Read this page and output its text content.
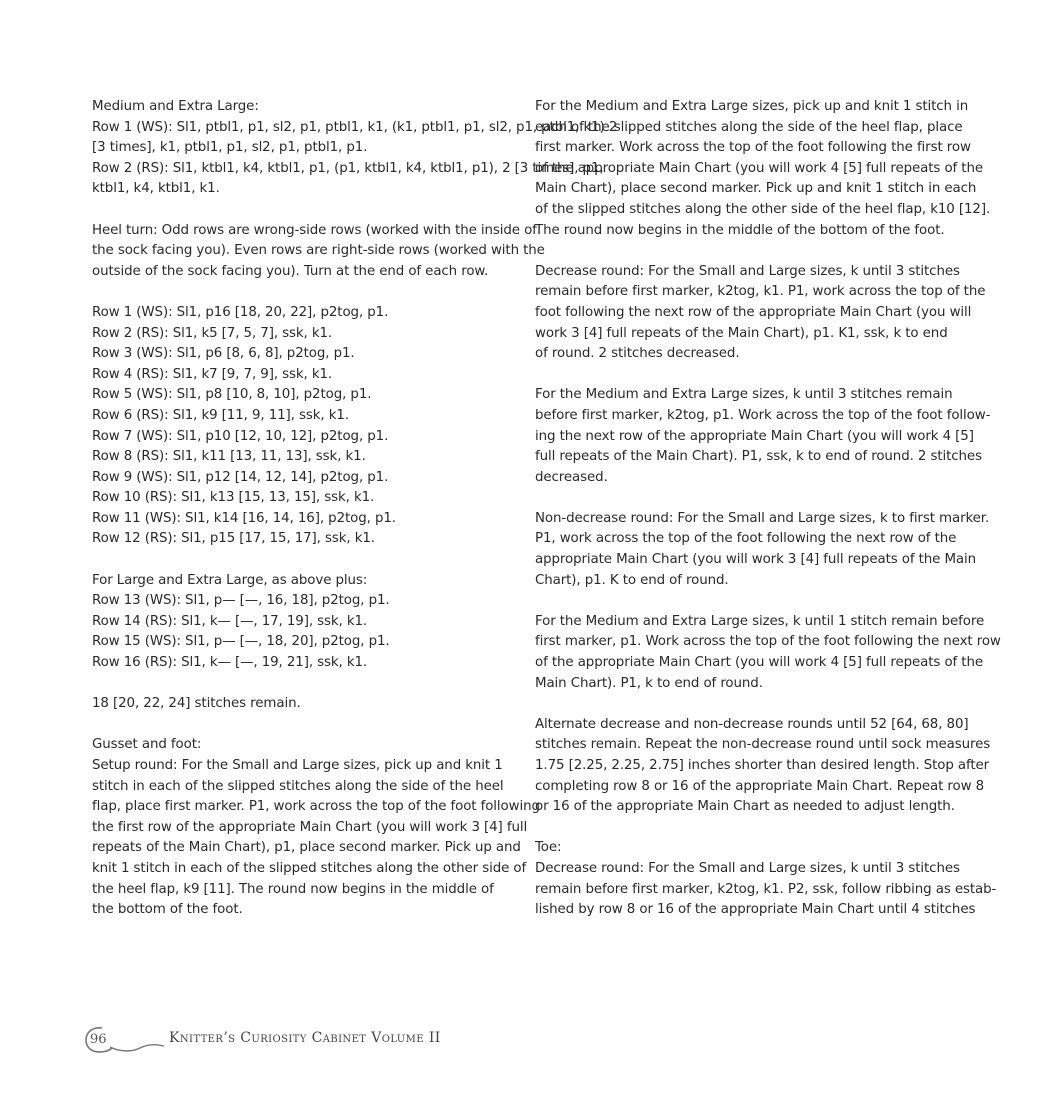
Medium and Extra Large:
Row 1 (WS): Sl1, ptbl1, p1, sl2, p1, ptbl1, k1, (k1, ptbl1, p1, sl2, p1, ptbl1, k1) 2
[3 times], k1, ptbl1, p1, sl2, p1, ptbl1, p1.
Row 2 (RS): Sl1, ktbl1, k4, ktbl1, p1, (p1, ktbl1, k4, ktbl1, p1), 2 [3 times], p1,
ktbl1, k4, ktbl1, k1.
Heel turn: Odd rows are wrong-side rows (worked with the inside of
the sock facing you). Even rows are right-side rows (worked with the
outside of the sock facing you). Turn at the end of each row.
Row 1 (WS): Sl1, p16 [18, 20, 22], p2tog, p1.
Row 2 (RS): Sl1, k5 [7, 5, 7], ssk, k1.
Row 3 (WS): Sl1, p6 [8, 6, 8], p2tog, p1.
Row 4 (RS): Sl1, k7 [9, 7, 9], ssk, k1.
Row 5 (WS): Sl1, p8 [10, 8, 10], p2tog, p1.
Row 6 (RS): Sl1, k9 [11, 9, 11], ssk, k1.
Row 7 (WS): Sl1, p10 [12, 10, 12], p2tog, p1.
Row 8 (RS): Sl1, k11 [13, 11, 13], ssk, k1.
Row 9 (WS): Sl1, p12 [14, 12, 14], p2tog, p1.
Row 10 (RS): Sl1, k13 [15, 13, 15], ssk, k1.
Row 11 (WS): Sl1, k14 [16, 14, 16], p2tog, p1.
Row 12 (RS): Sl1, p15 [17, 15, 17], ssk, k1.
For Large and Extra Large, as above plus:
Row 13 (WS): Sl1, p— [—, 16, 18], p2tog, p1.
Row 14 (RS): Sl1, k— [—, 17, 19], ssk, k1.
Row 15 (WS): Sl1, p— [—, 18, 20], p2tog, p1.
Row 16 (RS): Sl1, k— [—, 19, 21], ssk, k1.
18 [20, 22, 24] stitches remain.
Gusset and foot:
Setup round: For the Small and Large sizes, pick up and knit 1
stitch in each of the slipped stitches along the side of the heel
flap, place first marker. P1, work across the top of the foot following
the first row of the appropriate Main Chart (you will work 3 [4] full
repeats of the Main Chart), p1, place second marker. Pick up and
knit 1 stitch in each of the slipped stitches along the other side of
the heel flap, k9 [11]. The round now begins in the middle of
the bottom of the foot.
For the Medium and Extra Large sizes, pick up and knit 1 stitch in
each of the slipped stitches along the side of the heel flap, place
first marker. Work across the top of the foot following the first row
of the appropriate Main Chart (you will work 4 [5] full repeats of the
Main Chart), place second marker. Pick up and knit 1 stitch in each
of the slipped stitches along the other side of the heel flap, k10 [12].
The round now begins in the middle of the bottom of the foot.
Decrease round: For the Small and Large sizes, k until 3 stitches
remain before first marker, k2tog, k1. P1, work across the top of the
foot following the next row of the appropriate Main Chart (you will
work 3 [4] full repeats of the Main Chart), p1. K1, ssk, k to end
of round. 2 stitches decreased.
For the Medium and Extra Large sizes, k until 3 stitches remain
before first marker, k2tog, p1. Work across the top of the foot follow-
ing the next row of the appropriate Main Chart (you will work 4 [5]
full repeats of the Main Chart). P1, ssk, k to end of round. 2 stitches
decreased.
Non-decrease round: For the Small and Large sizes, k to first marker.
P1, work across the top of the foot following the next row of the
appropriate Main Chart (you will work 3 [4] full repeats of the Main
Chart), p1. K to end of round.
For the Medium and Extra Large sizes, k until 1 stitch remain before
first marker, p1. Work across the top of the foot following the next row
of the appropriate Main Chart (you will work 4 [5] full repeats of the
Main Chart). P1, k to end of round.
Alternate decrease and non-decrease rounds until 52 [64, 68, 80]
stitches remain. Repeat the non-decrease round until sock measures
1.75 [2.25, 2.25, 2.75] inches shorter than desired length. Stop after
completing row 8 or 16 of the appropriate Main Chart. Repeat row 8
or 16 of the appropriate Main Chart as needed to adjust length.
Toe:
Decrease round: For the Small and Large sizes, k until 3 stitches
remain before first marker, k2tog, k1. P2, ssk, follow ribbing as estab-
lished by row 8 or 16 of the appropriate Main Chart until 4 stitches
96	Knitter’s Curiosity Cabinet Volume II
